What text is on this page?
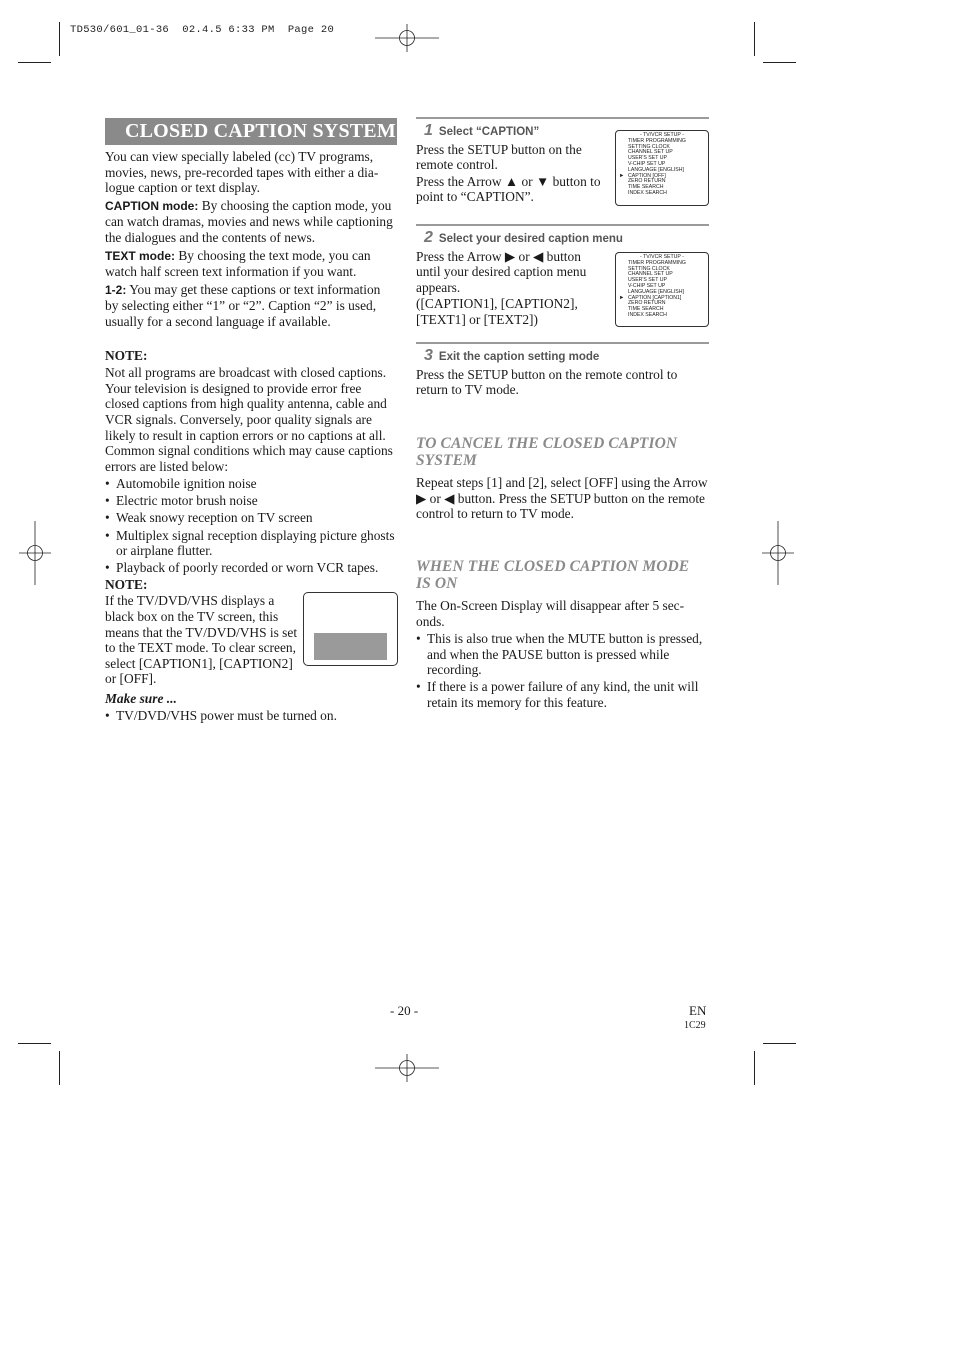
TD530/601_01-36  02.4.5 6:33 PM  Page 20
CLOSED CAPTION SYSTEM

You can view specially labeled (cc) TV programs, movies, news, pre-recorded tapes with either a dia- logue caption or text display.

CAPTION mode: By choosing the caption mode, you can watch dramas, movies and news while captioning the dialogues and the contents of news.

TEXT mode: By choosing the text mode, you can watch half screen text information if you want.

1-2: You may get these captions or text information by selecting either “1” or “2”. Caption “2” is used, usually for a second language if available.

NOTE:

Not all programs are broadcast with closed captions. Your television is designed to provide error free closed captions from high quality antenna, cable and VCR signals. Conversely, poor quality signals are likely to result in caption errors or no captions at all. Common signal conditions which may cause captions errors are listed below:

• Automobile ignition noise
• Electric motor brush noise
• Weak snowy reception on TV screen
• Multiplex signal reception displaying picture ghosts or airplane flutter.
• Playback of poorly recorded or worn VCR tapes.

NOTE:

If the TV/DVD/VHS displays a black box on the TV screen, this means that the TV/DVD/VHS is set to the TEXT mode. To clear screen, select [CAPTION1], [CAPTION2] or [OFF].

Make sure ...

• TV/DVD/VHS power must be turned on.
1 Select “CAPTION”

Press the SETUP button on the remote control.

Press the Arrow ▲ or ▼ button to point to “CAPTION”.

- TV/VCR SETUP -
TIMER PROGRAMMING
SETTING CLOCK
CHANNEL SET UP
USER'S SET UP
V-CHIP SET UP
LANGUAGE [ENGLISH]
► CAPTION [OFF]
ZERO RETURN
TIME SEARCH
INDEX SEARCH
2 Select your desired caption menu

Press the Arrow ▶ or ◀ button until your desired caption menu appears.

([CAPTION1], [CAPTION2], [TEXT1] or [TEXT2])

- TV/VCR SETUP -
TIMER PROGRAMMING
SETTING CLOCK
CHANNEL SET UP
USER'S SET UP
V-CHIP SET UP
LANGUAGE [ENGLISH]
► CAPTION [CAPTION1]
ZERO RETURN
TIME SEARCH
INDEX SEARCH
3 Exit the caption setting mode

Press the SETUP button on the remote control to return to TV mode.

TO CANCEL THE CLOSED CAPTION SYSTEM

Repeat steps [1] and [2], select [OFF] using the Arrow ▶ or ◀ button. Press the SETUP button on the remote control to return to TV mode.

WHEN THE CLOSED CAPTION MODE IS ON

The On-Screen Display will disappear after 5 sec- onds.

• This is also true when the MUTE button is pressed, and when the PAUSE button is pressed while recording.
• If there is a power failure of any kind, the unit will retain its memory for this feature.
- 20 -	EN
1C29
